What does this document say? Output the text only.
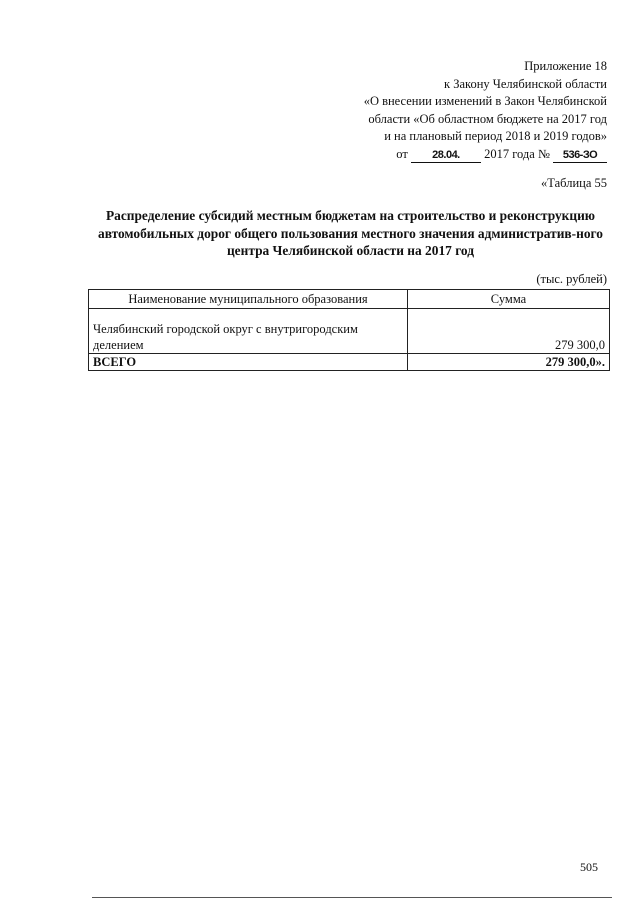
Приложение 18
к Закону Челябинской области
«О внесении изменений в Закон Челябинской
области «Об областном бюджете на 2017 год
и на плановый период 2018 и 2019 годов»
от 28.04. 2017 года № 536-ЗО
«Таблица 55
Распределение субсидий местным бюджетам на строительство и реконструкцию автомобильных дорог общего пользования местного значения административ-ного центра Челябинской области на 2017 год
(тыс. рублей)
Наименование муниципального образования	Сумма
Челябинский городской округ с внутригородским делением	279 300,0
ВСЕГО	279 300,0».
505
